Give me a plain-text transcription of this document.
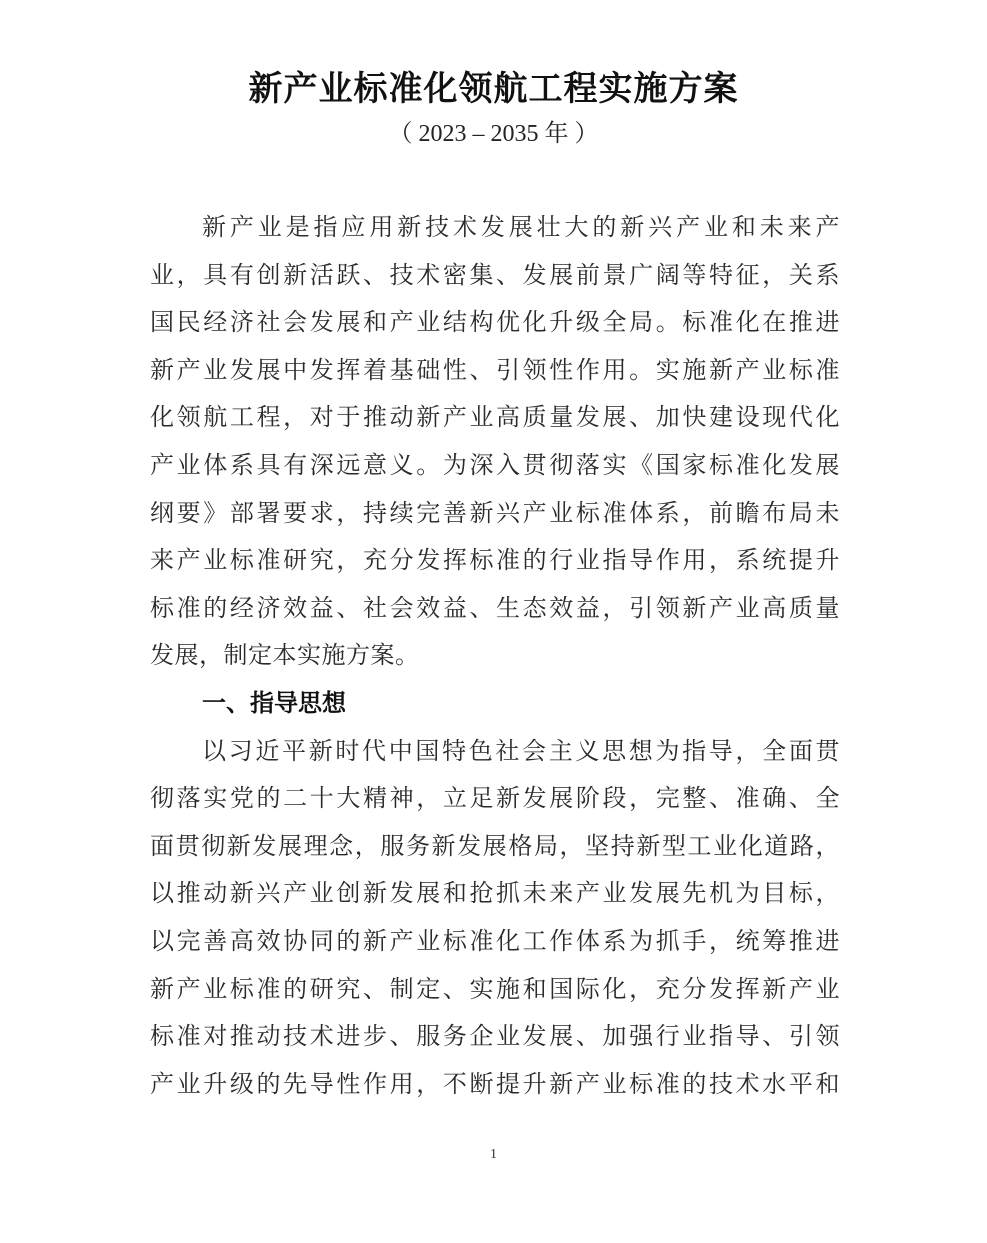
新产业标准化领航工程实施方案
（ 2023 – 2035 年 ）
新产业是指应用新技术发展壮大的新兴产业和未来产
业，具有创新活跃、技术密集、发展前景广阔等特征，关系
国民经济社会发展和产业结构优化升级全局。标准化在推进
新产业发展中发挥着基础性、引领性作用。实施新产业标准
化领航工程，对于推动新产业高质量发展、加快建设现代化
产业体系具有深远意义。为深入贯彻落实《国家标准化发展
纲要》部署要求，持续完善新兴产业标准体系，前瞻布局未
来产业标准研究，充分发挥标准的行业指导作用，系统提升
标准的经济效益、社会效益、生态效益，引领新产业高质量
发展，制定本实施方案。
一、指导思想
以习近平新时代中国特色社会主义思想为指导，全面贯
彻落实党的二十大精神，立足新发展阶段，完整、准确、全
面贯彻新发展理念，服务新发展格局，坚持新型工业化道路，
以推动新兴产业创新发展和抢抓未来产业发展先机为目标，
以完善高效协同的新产业标准化工作体系为抓手，统筹推进
新产业标准的研究、制定、实施和国际化，充分发挥新产业
标准对推动技术进步、服务企业发展、加强行业指导、引领
产业升级的先导性作用，不断提升新产业标准的技术水平和
1
